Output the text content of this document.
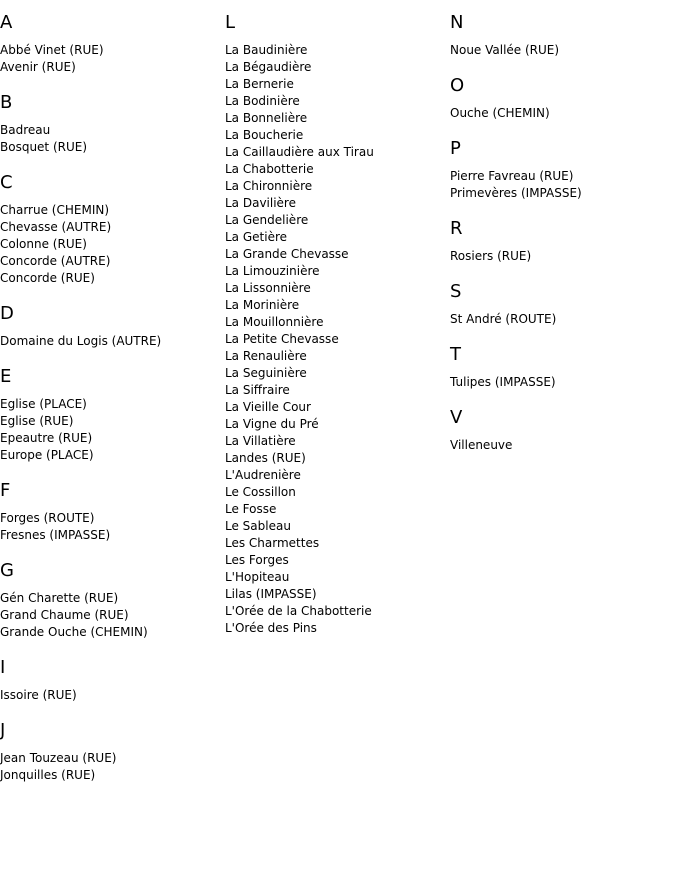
A
Abbé Vinet (RUE)
Avenir (RUE)
B
Badreau
Bosquet (RUE)
C
Charrue (CHEMIN)
Chevasse (AUTRE)
Colonne (RUE)
Concorde (AUTRE)
Concorde (RUE)
D
Domaine du Logis (AUTRE)
E
Eglise (PLACE)
Eglise (RUE)
Epeautre (RUE)
Europe (PLACE)
F
Forges (ROUTE)
Fresnes (IMPASSE)
G
Gén Charette (RUE)
Grand Chaume (RUE)
Grande Ouche (CHEMIN)
I
Issoire (RUE)
J
Jean Touzeau (RUE)
Jonquilles (RUE)
L
La Baudinière
La Bégaudière
La Bernerie
La Bodinière
La Bonnelière
La Boucherie
La Caillaudière aux Tirau
La Chabotterie
La Chironnière
La Davilière
La Gendelière
La Getière
La Grande Chevasse
La Limouzinière
La Lissonnière
La Morinière
La Mouillonnière
La Petite Chevasse
La Renaulière
La Seguinière
La Siffraire
La Vieille Cour
La Vigne du Pré
La Villatière
Landes (RUE)
L'Audrenière
Le Cossillon
Le Fosse
Le Sableau
Les Charmettes
Les Forges
L'Hopiteau
Lilas (IMPASSE)
L'Orée de la Chabotterie
L'Orée des Pins
N
Noue Vallée (RUE)
O
Ouche (CHEMIN)
P
Pierre Favreau (RUE)
Primevères (IMPASSE)
R
Rosiers (RUE)
S
St André (ROUTE)
T
Tulipes (IMPASSE)
V
Villeneuve
